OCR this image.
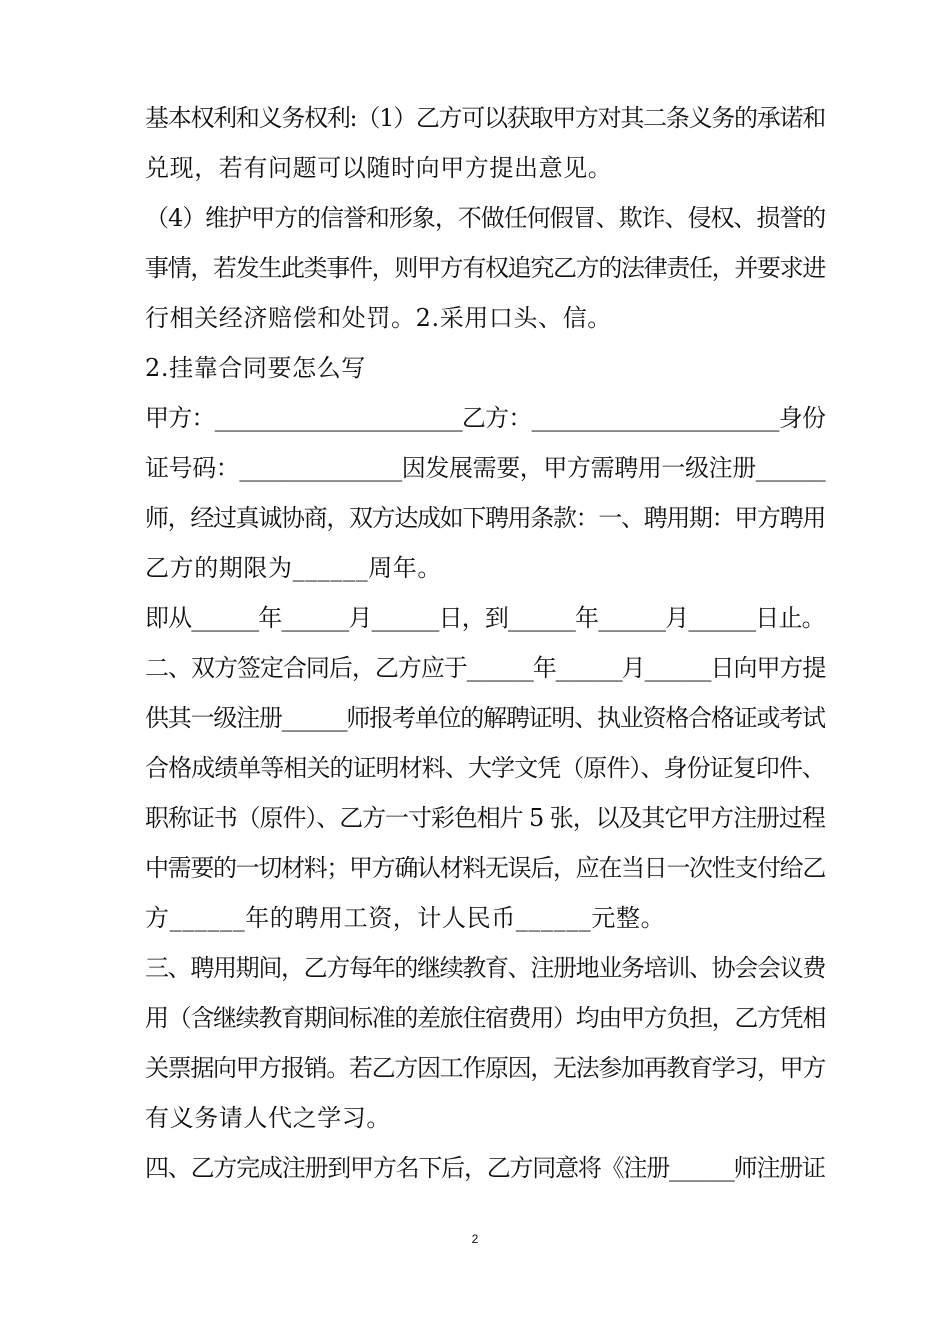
基本权利和义务权利:（1）乙方可以获取甲方对其二条义务的承诺和
兑现，若有问题可以随时向甲方提出意见。
（4）维护甲方的信誉和形象，不做任何假冒、欺诈、侵权、损誉的
事情，若发生此类事件，则甲方有权追究乙方的法律责任，并要求进
行相关经济赔偿和处罚。2.采用口头、信。
2.挂靠合同要怎么写
甲方：______________________乙方：______________________身份
证号码：______________因发展需要，甲方需聘用一级注册______
师，经过真诚协商，双方达成如下聘用条款：一、聘用期：甲方聘用
乙方的期限为______周年。
即从______年______月______日，到______年______月______日止。
二、双方签定合同后，乙方应于______年______月______日向甲方提
供其一级注册______师报考单位的解聘证明、执业资格合格证或考试
合格成绩单等相关的证明材料、大学文凭（原件）、身份证复印件、
职称证书（原件）、乙方一寸彩色相片 5 张，以及其它甲方注册过程
中需要的一切材料；甲方确认材料无误后，应在当日一次性支付给乙
方______年的聘用工资，计人民币______元整。
三、聘用期间，乙方每年的继续教育、注册地业务培训、协会会议费
用（含继续教育期间标准的差旅住宿费用）均由甲方负担，乙方凭相
关票据向甲方报销。若乙方因工作原因，无法参加再教育学习，甲方
有义务请人代之学习。
四、乙方完成注册到甲方名下后，乙方同意将《注册______师注册证
2
